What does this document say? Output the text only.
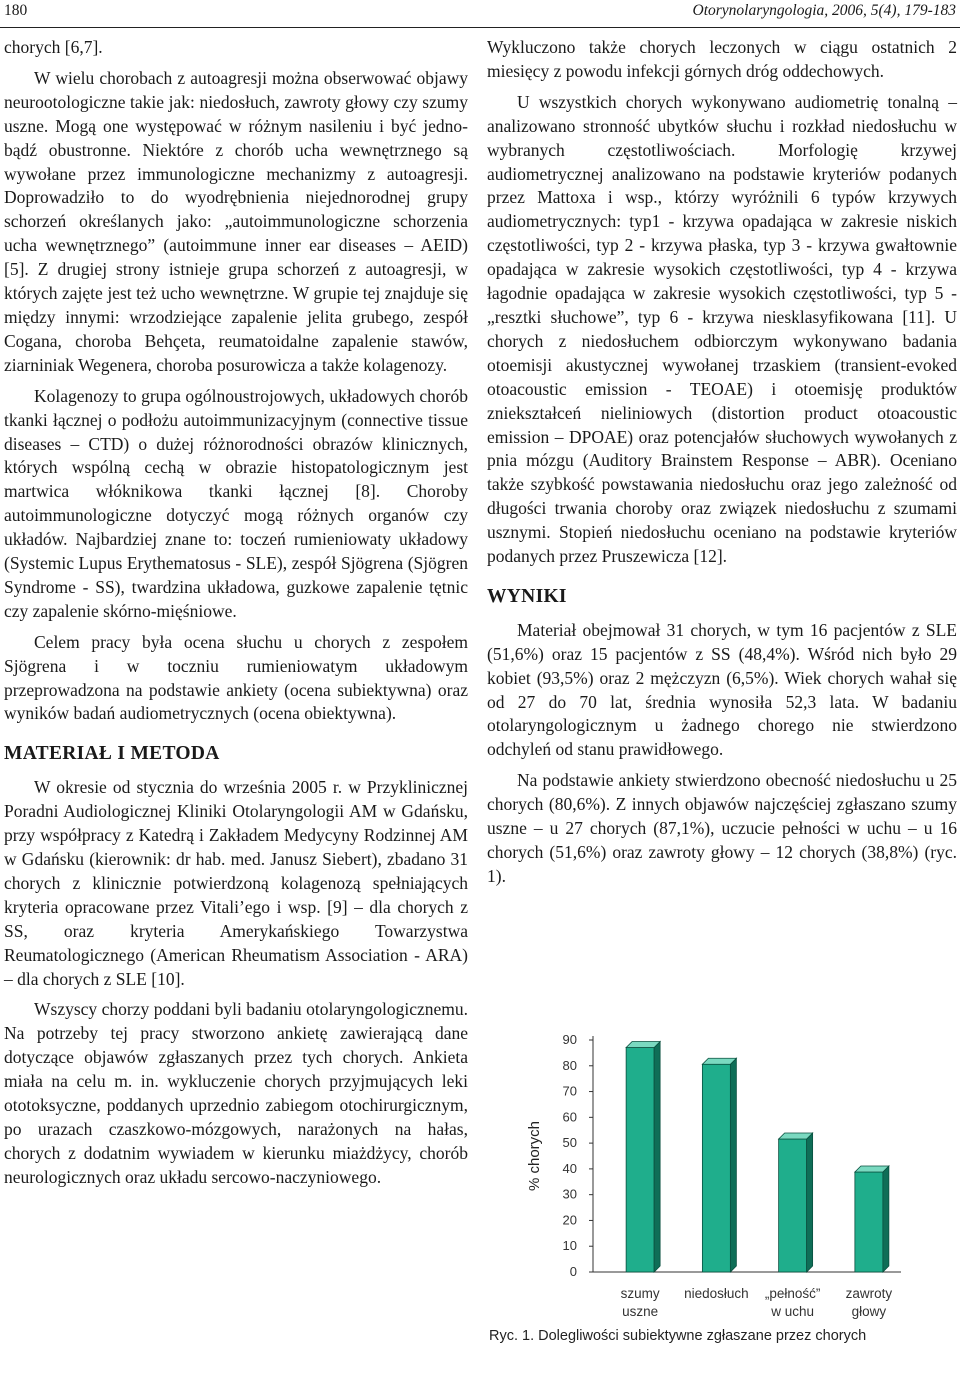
180	Otorynolaryngologia, 2006, 5(4), 179-183

chorych [6,7].

W wielu chorobach z autoagresji można obserwować objawy neurootologiczne takie jak: niedosłuch, zawroty głowy czy szumy uszne. Mogą one występować w różnym nasileniu i być jedno- bądź obustronne. Niektóre z chorób ucha wewnętrznego są wywołane przez immunologiczne mechanizmy z autoagresji. Doprowadziło to do wyodrębnienia niejednorodnej grupy schorzeń określanych jako: „autoimmunologiczne schorzenia ucha wewnętrznego” (autoimmune inner ear diseases – AEID) [5]. Z drugiej strony istnieje grupa schorzeń z autoagresji, w których zajęte jest też ucho wewnętrzne. W grupie tej znajduje się między innymi: wrzodziejące zapalenie jelita grubego, zespół Cogana, choroba Behçeta, reumatoidalne zapalenie stawów, ziarniniak Wegenera, choroba posurowicza a także kolagenozy.

Kolagenozy to grupa ogólnoustrojowych, układowych chorób tkanki łącznej o podłożu autoimmunizacyjnym (connective tissue diseases – CTD) o dużej różnorodności obrazów klinicznych, których wspólną cechą w obrazie histopatologicznym jest martwica włóknikowa tkanki łącznej [8]. Choroby autoimmunologiczne dotyczyć mogą różnych organów czy układów. Najbardziej znane to: toczeń rumieniowaty układowy (Systemic Lupus Erythematosus - SLE), zespół Sjögrena (Sjögren Syndrome - SS), twardzina układowa, guzkowe zapalenie tętnic czy zapalenie skórno-mięśniowe.

Celem pracy była ocena słuchu u chorych z zespołem Sjögrena i w toczniu rumieniowatym układowym przeprowadzona na podstawie ankiety (ocena subiektywna) oraz wyników badań audiometrycznych (ocena obiektywna).

MATERIAŁ I METODA

W okresie od stycznia do września 2005 r. w Przyklinicznej Poradni Audiologicznej Kliniki Otolaryngologii AM w Gdańsku, przy współpracy z Katedrą i Zakładem Medycyny Rodzinnej AM w Gdańsku (kierownik: dr hab. med. Janusz Siebert), zbadano 31 chorych z klinicznie potwierdzoną kolagenozą spełniających kryteria opracowane przez Vitali’ego i wsp. [9] – dla chorych z SS, oraz kryteria Amerykańskiego Towarzystwa Reumatologicznego (American Rheumatism Association - ARA) – dla chorych z SLE [10].

Wszyscy chorzy poddani byli badaniu otolaryngologicznemu. Na potrzeby tej pracy stworzono ankietę zawierającą dane dotyczące objawów zgłaszanych przez tych chorych. Ankieta miała na celu m. in. wykluczenie chorych przyjmujących leki ototoksyczne, poddanych uprzednio zabiegom otochirurgicznym, po urazach czaszkowo-mózgowych, narażonych na hałas, chorych z dodatnim wywiadem w kierunku miażdżycy, chorób neurologicznych oraz układu sercowo-naczyniowego.

Wykluczono także chorych leczonych w ciągu ostatnich 2 miesięcy z powodu infekcji górnych dróg oddechowych.

U wszystkich chorych wykonywano audiometrię tonalną – analizowano stronność ubytków słuchu i rozkład niedosłuchu w wybranych częstotliwościach. Morfologię krzywej audiometrycznej analizowano na podstawie kryteriów podanych przez Mattoxa i wsp., którzy wyróżnili 6 typów krzywych audiometrycznych: typ1 - krzywa opadająca w zakresie niskich częstotliwości, typ 2 - krzywa płaska, typ 3 - krzywa gwałtownie opadająca w zakresie wysokich częstotliwości, typ 4 - krzywa łagodnie opadająca w zakresie wysokich częstotliwości, typ 5 - „resztki słuchowe”, typ 6 - krzywa niesklasyfikowana [11]. U chorych z niedosłuchem odbiorczym wykonywano badania otoemisji akustycznej wywołanej trzaskiem (transient-evoked otoacoustic emission - TEOAE) i otoemisję produktów zniekształceń nieliniowych (distortion product otoacoustic emission – DPOAE) oraz potencjałów słuchowych wywołanych z pnia mózgu (Auditory Brainstem Response – ABR). Oceniano także szybkość powstawania niedosłuchu oraz jego zależność od długości trwania choroby oraz związek niedosłuchu z szumami usznymi. Stopień niedosłuchu oceniano na podstawie kryteriów podanych przez Pruszewicza [12].

WYNIKI

Materiał obejmował 31 chorych, w tym 16 pacjentów z SLE (51,6%) oraz 15 pacjentów z SS (48,4%). Wśród nich było 29 kobiet (93,5%) oraz 2 mężczyzn (6,5%). Wiek chorych wahał się od 27 do 70 lat, średnia wynosiła 52,3 lata. W badaniu otolaryngologicznym u żadnego chorego nie stwierdzono odchyleń od stanu prawidłowego.

Na podstawie ankiety stwierdzono obecność niedosłuchu u 25 chorych (80,6%). Z innych objawów najczęściej zgłaszano szumy uszne – u 27 chorych (87,1%), uczucie pełności w uchu – u 16 chorych (51,6%) oraz zawroty głowy – 12 chorych (38,8%) (ryc. 1).

0
10
20
30
40
50
60
70
80
90
% chorych
szumy
uszne
niedosłuch „pełność”
w uchu
zawroty
głowy
Ryc. 1. Dolegliwości subiektywne zgłaszane przez chorych
